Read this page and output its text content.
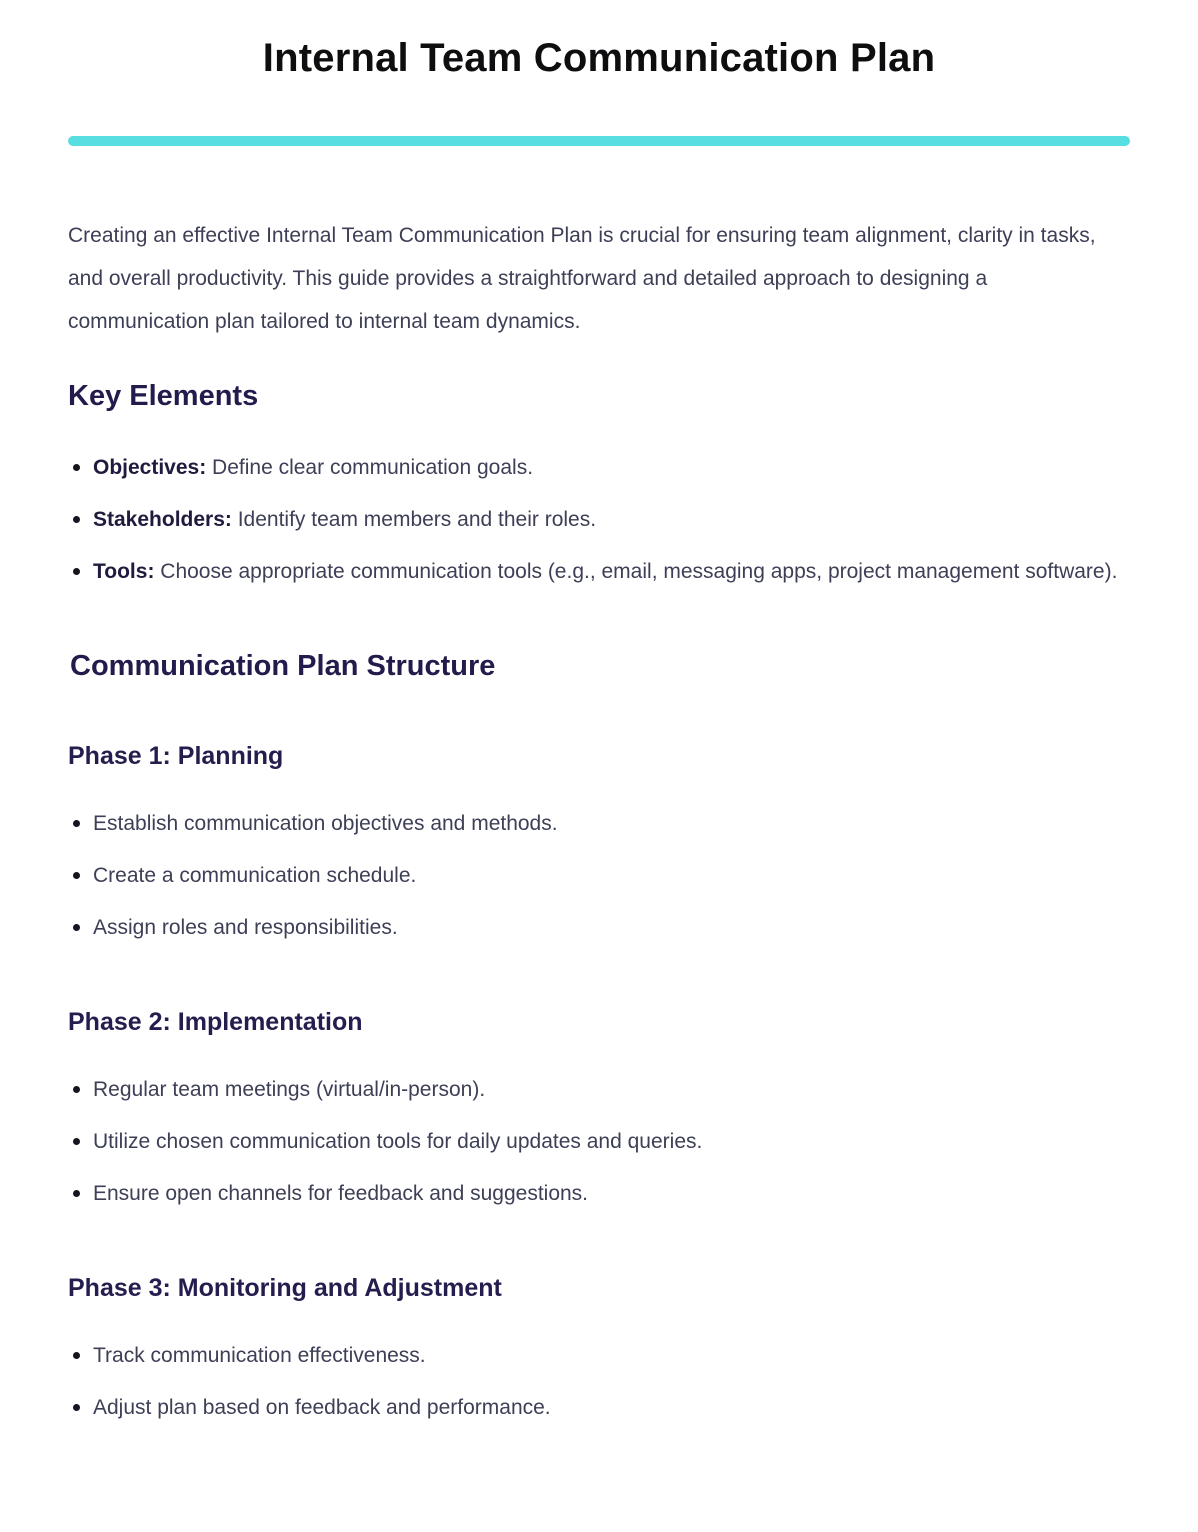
Internal Team Communication Plan

Creating an effective Internal Team Communication Plan is crucial for ensuring team alignment, clarity in tasks, and overall productivity. This guide provides a straightforward and detailed approach to designing a communication plan tailored to internal team dynamics.

Key Elements
Objectives: Define clear communication goals.
Stakeholders: Identify team members and their roles.
Tools: Choose appropriate communication tools (e.g., email, messaging apps, project management software).
Communication Plan Structure
Phase 1: Planning
Establish communication objectives and methods.
Create a communication schedule.
Assign roles and responsibilities.
Phase 2: Implementation
Regular team meetings (virtual/in-person).
Utilize chosen communication tools for daily updates and queries.
Ensure open channels for feedback and suggestions.
Phase 3: Monitoring and Adjustment
Track communication effectiveness.
Adjust plan based on feedback and performance.
